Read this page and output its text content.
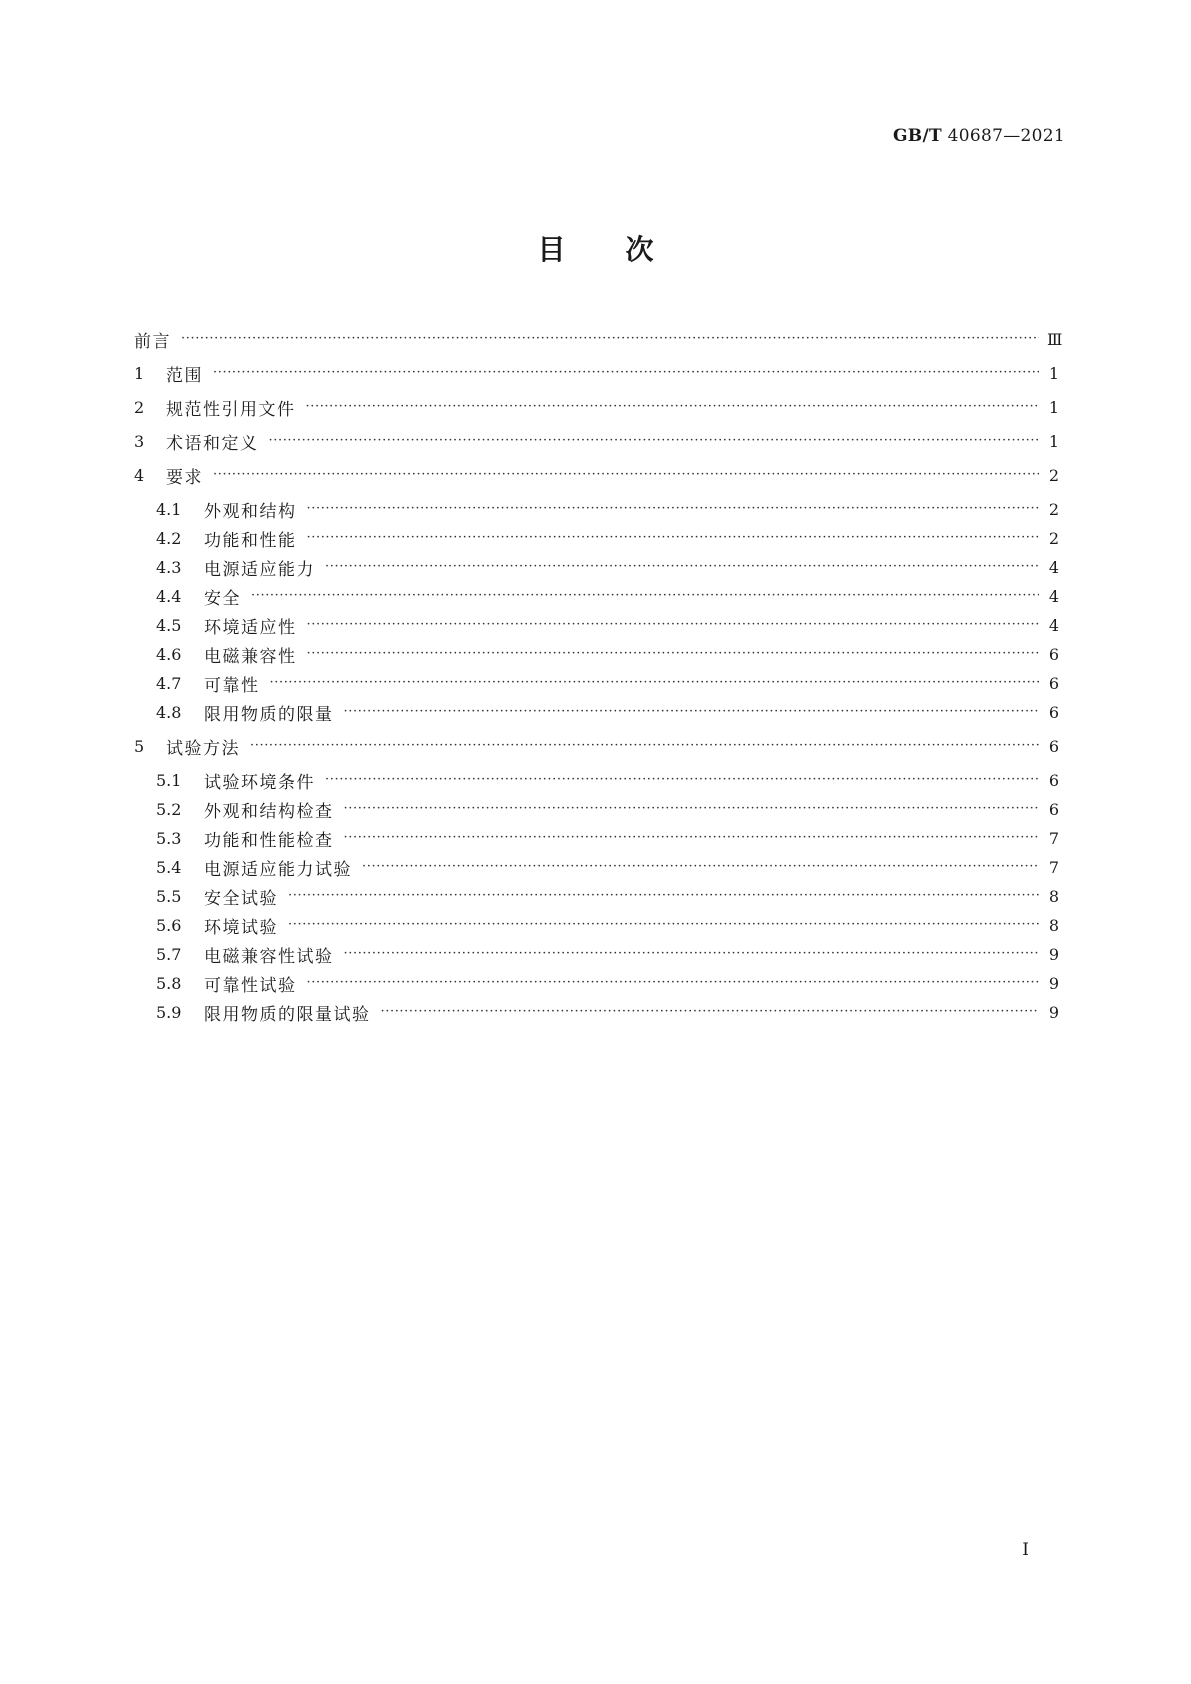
GB/T 40687—2021
目次
前言 ·····	Ⅲ
1	范围 ·····	1
2	规范性引用文件 ·····	1
3	术语和定义 ·····	1
4	要求 ·····	2
4.1	外观和结构 ·····	2
4.2	功能和性能 ·····	2
4.3	电源适应能力 ·····	4
4.4	安全 ·····	4
4.5	环境适应性 ·····	4
4.6	电磁兼容性 ·····	6
4.7	可靠性 ·····	6
4.8	限用物质的限量 ·····	6
5	试验方法 ·····	6
5.1	试验环境条件 ·····	6
5.2	外观和结构检查 ·····	6
5.3	功能和性能检查 ·····	7
5.4	电源适应能力试验 ·····	7
5.5	安全试验 ·····	8
5.6	环境试验 ·····	8
5.7	电磁兼容性试验 ·····	9
5.8	可靠性试验 ·····	9
5.9	限用物质的限量试验 ·····	9
I
